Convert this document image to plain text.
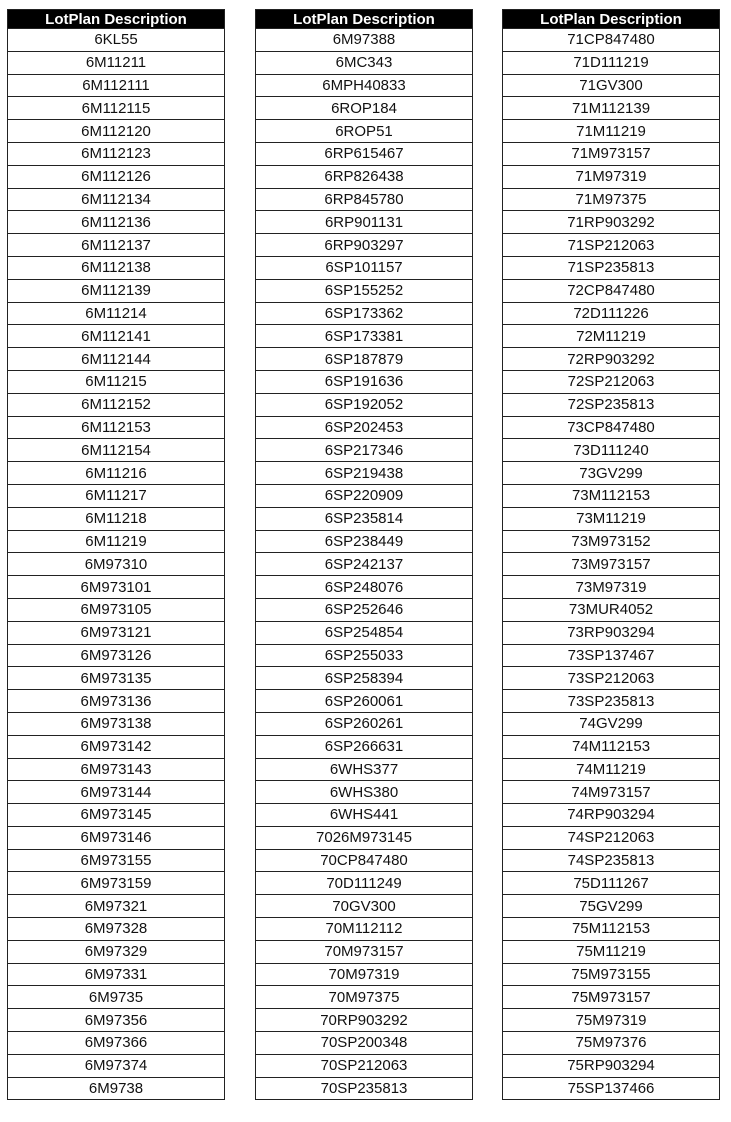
LotPlan Description
6KL55
6M11211
6M112111
6M112115
6M112120
6M112123
6M112126
6M112134
6M112136
6M112137
6M112138
6M112139
6M11214
6M112141
6M112144
6M11215
6M112152
6M112153
6M112154
6M11216
6M11217
6M11218
6M11219
6M97310
6M973101
6M973105
6M973121
6M973126
6M973135
6M973136
6M973138
6M973142
6M973143
6M973144
6M973145
6M973146
6M973155
6M973159
6M97321
6M97328
6M97329
6M97331
6M9735
6M97356
6M97366
6M97374
6M9738
LotPlan Description
6M97388
6MC343
6MPH40833
6ROP184
6ROP51
6RP615467
6RP826438
6RP845780
6RP901131
6RP903297
6SP101157
6SP155252
6SP173362
6SP173381
6SP187879
6SP191636
6SP192052
6SP202453
6SP217346
6SP219438
6SP220909
6SP235814
6SP238449
6SP242137
6SP248076
6SP252646
6SP254854
6SP255033
6SP258394
6SP260061
6SP260261
6SP266631
6WHS377
6WHS380
6WHS441
7026M973145
70CP847480
70D111249
70GV300
70M112112
70M973157
70M97319
70M97375
70RP903292
70SP200348
70SP212063
70SP235813
LotPlan Description
71CP847480
71D111219
71GV300
71M112139
71M11219
71M973157
71M97319
71M97375
71RP903292
71SP212063
71SP235813
72CP847480
72D111226
72M11219
72RP903292
72SP212063
72SP235813
73CP847480
73D111240
73GV299
73M112153
73M11219
73M973152
73M973157
73M97319
73MUR4052
73RP903294
73SP137467
73SP212063
73SP235813
74GV299
74M112153
74M11219
74M973157
74RP903294
74SP212063
74SP235813
75D111267
75GV299
75M112153
75M11219
75M973155
75M973157
75M97319
75M97376
75RP903294
75SP137466
